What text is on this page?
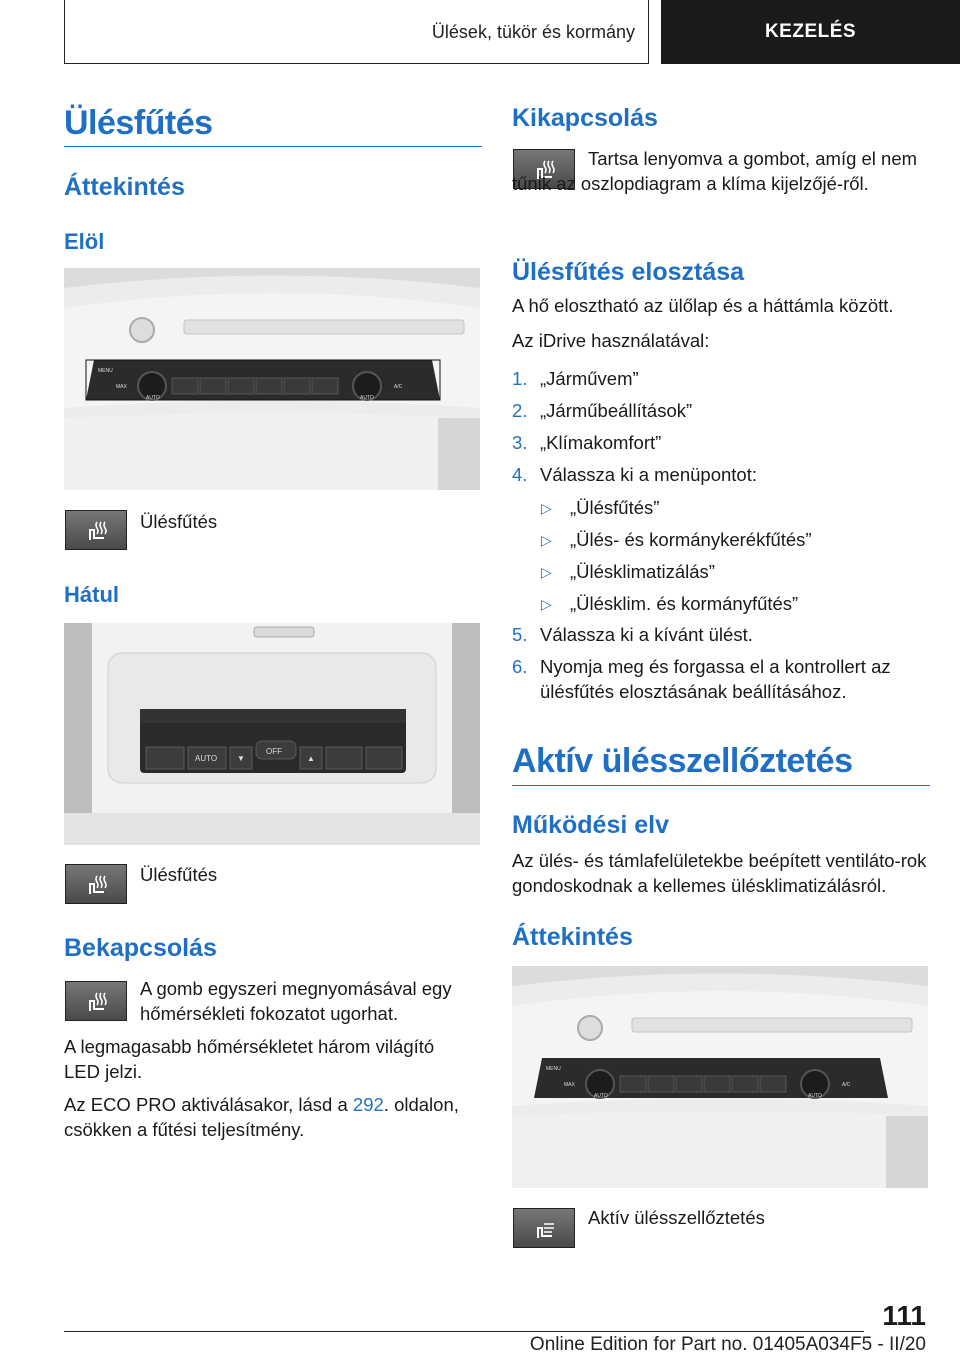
Ülések, tükör és kormány	KEZELÉS
Ülésfűtés
Áttekintés
Elöl
MENU
MAX
AUTO	AUTO
A/C

Ülésfűtés

Hátul
AUTO ▼
OFF
▲

Ülésfűtés

Bekapcsolás

A gomb egyszeri megnyomásával egy hőmérsékleti fokozatot ugorhat.

A legmagasabb hőmérsékletet három világító LED jelzi.

Az ECO PRO aktiválásakor, lásd a 292. oldalon, csökken a fűtési teljesítmény.

Kikapcsolás

Tartsa lenyomva a gombot, amíg el nem tűnik az oszlopdiagram a klíma kijelzőjé-ről.

Ülésfűtés elosztása

A hő elosztható az ülőlap és a háttámla között.

Az iDrive használatával:

1. „Járművem”
2. „Járműbeállítások”
3. „Klímakomfort”
4. Válassza ki a menüpontot:
▷ „Ülésfűtés”
▷ „Ülés- és kormánykerékfűtés”
▷ „Ülésklimatizálás”
▷ „Ülésklim. és kormányfűtés”
5. Válassza ki a kívánt ülést.
6. Nyomja meg és forgassa el a kontrollert az ülésfűtés elosztásának beállításához.
Aktív ülésszellőztetés
Működési elv

Az ülés- és támlafelületekbe beépített ventiláto-rok gondoskodnak a kellemes ülésklimatizálásról.

Áttekintés
MENU
MAX
AUTO	AUTO
A/C

Aktív ülésszellőztetés

111
Online Edition for Part no. 01405A034F5 - II/20
